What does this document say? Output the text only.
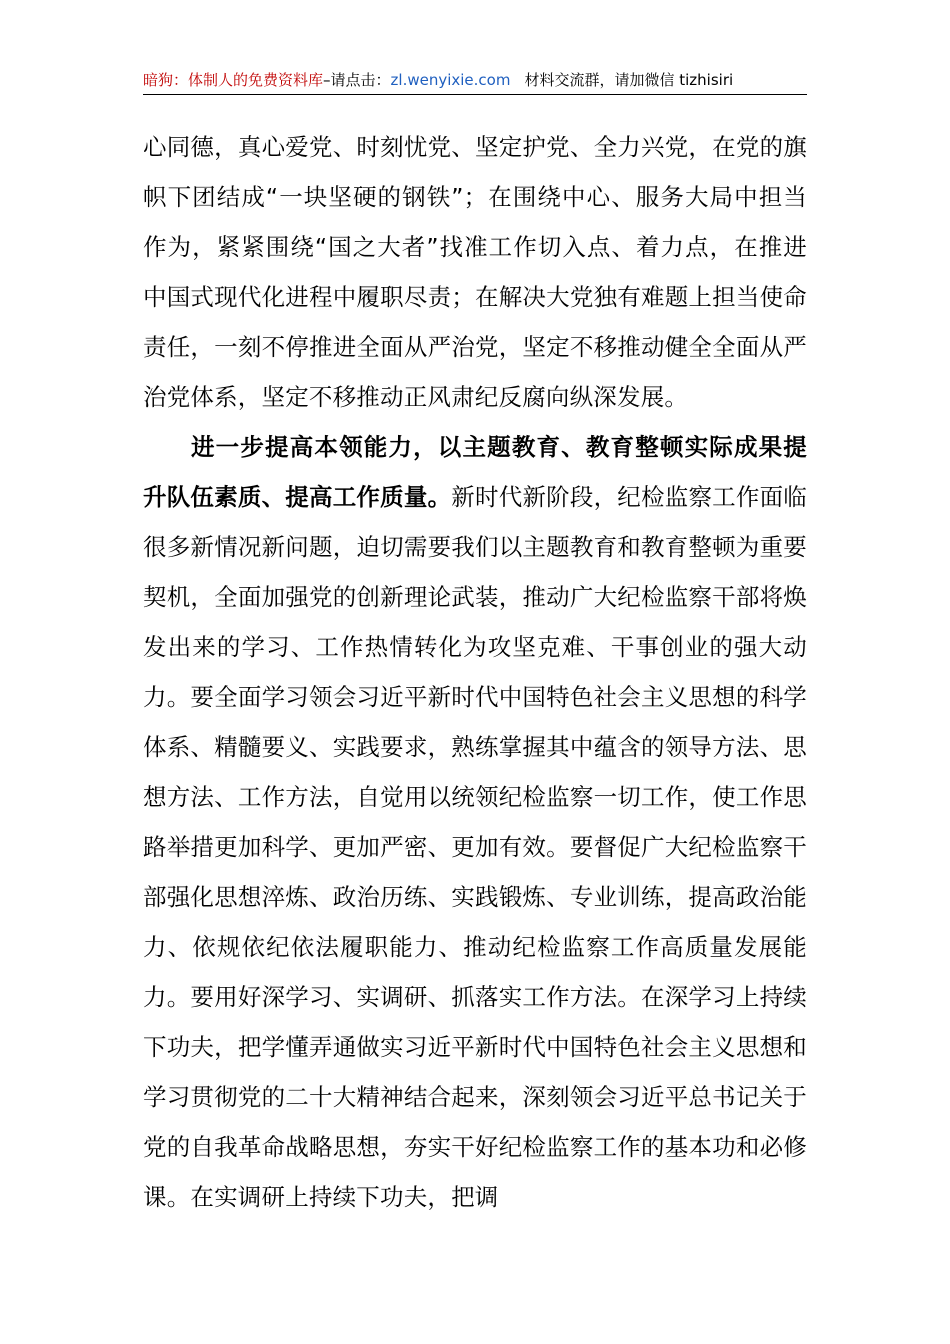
暗狗：体制人的免费资料库–请点击：zl.wenyixie.com 材料交流群，请加微信 tizhisiri

心同德，真心爱党、时刻忧党、坚定护党、全力兴党，在党的旗帜下团结成“一块坚硬的钢铁”；在围绕中心、服务大局中担当作为，紧紧围绕“国之大者”找准工作切入点、着力点，在推进中国式现代化进程中履职尽责；在解决大党独有难题上担当使命责任，一刻不停推进全面从严治党，坚定不移推动健全全面从严治党体系，坚定不移推动正风肃纪反腐向纵深发展。

进一步提高本领能力，以主题教育、教育整顿实际成果提升队伍素质、提高工作质量。新时代新阶段，纪检监察工作面临很多新情况新问题，迫切需要我们以主题教育和教育整顿为重要契机，全面加强党的创新理论武装，推动广大纪检监察干部将焕发出来的学习、工作热情转化为攻坚克难、干事创业的强大动力。要全面学习领会习近平新时代中国特色社会主义思想的科学体系、精髓要义、实践要求，熟练掌握其中蕴含的领导方法、思想方法、工作方法，自觉用以统领纪检监察一切工作，使工作思路举措更加科学、更加严密、更加有效。要督促广大纪检监察干部强化思想淬炼、政治历练、实践锻炼、专业训练，提高政治能力、依规依纪依法履职能力、推动纪检监察工作高质量发展能力。要用好深学习、实调研、抓落实工作方法。在深学习上持续下功夫，把学懂弄通做实习近平新时代中国特色社会主义思想和学习贯彻党的二十大精神结合起来，深刻领会习近平总书记关于党的自我革命战略思想，夯实干好纪检监察工作的基本功和必修课。在实调研上持续下功夫，把调
